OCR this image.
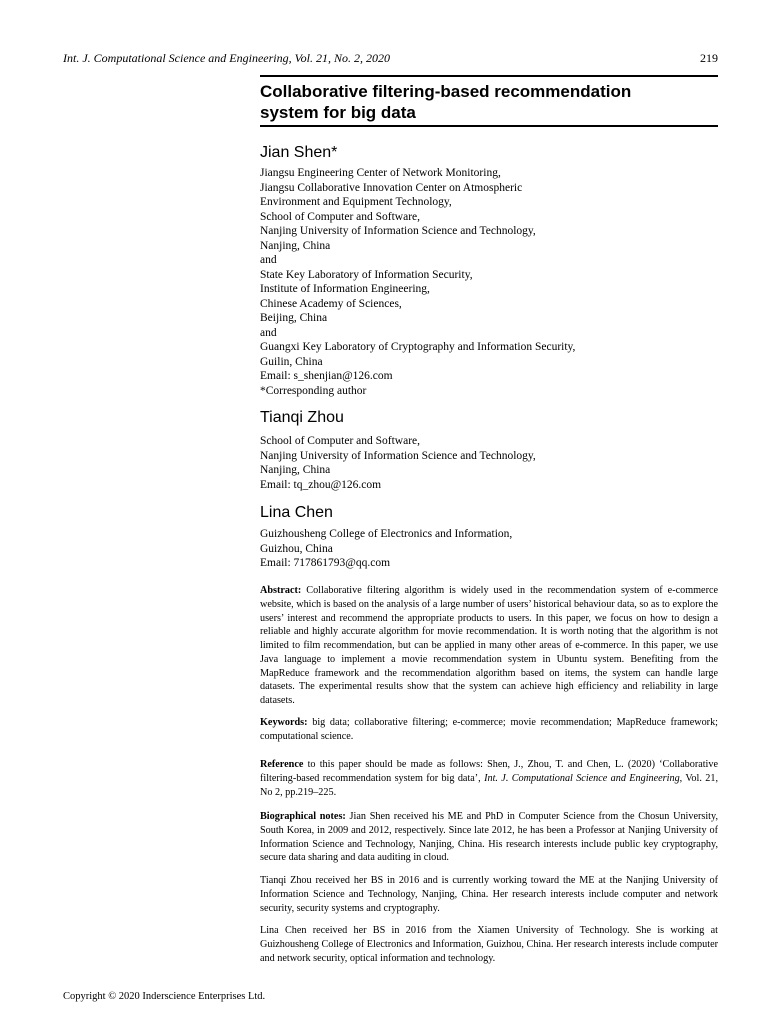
Int. J. Computational Science and Engineering, Vol. 21, No. 2, 2020	219
Collaborative filtering-based recommendation
system for big data
Jian Shen*
Jiangsu Engineering Center of Network Monitoring,
Jiangsu Collaborative Innovation Center on Atmospheric
Environment and Equipment Technology,
School of Computer and Software,
Nanjing University of Information Science and Technology,
Nanjing, China
and
State Key Laboratory of Information Security,
Institute of Information Engineering,
Chinese Academy of Sciences,
Beijing, China
and
Guangxi Key Laboratory of Cryptography and Information Security,
Guilin, China
Email: s_shenjian@126.com
*Corresponding author
Tianqi Zhou
School of Computer and Software,
Nanjing University of Information Science and Technology,
Nanjing, China
Email: tq_zhou@126.com
Lina Chen
Guizhousheng College of Electronics and Information,
Guizhou, China
Email: 717861793@qq.com
Abstract: Collaborative filtering algorithm is widely used in the recommendation system of e-commerce website, which is based on the analysis of a large number of users’ historical behaviour data, so as to explore the users’ interest and recommend the appropriate products to users. In this paper, we focus on how to design a reliable and highly accurate algorithm for movie recommendation. It is worth noting that the algorithm is not limited to film recommendation, but can be applied in many other areas of e-commerce. In this paper, we use Java language to implement a movie recommendation system in Ubuntu system. Benefiting from the MapReduce framework and the recommendation algorithm based on items, the system can handle large datasets. The experimental results show that the system can achieve high efficiency and reliability in large datasets.
Keywords: big data; collaborative filtering; e-commerce; movie recommendation; MapReduce framework; computational science.
Reference to this paper should be made as follows: Shen, J., Zhou, T. and Chen, L. (2020) ‘Collaborative filtering-based recommendation system for big data’, Int. J. Computational Science and Engineering, Vol. 21, No 2, pp.219–225.
Biographical notes: Jian Shen received his ME and PhD in Computer Science from the Chosun University, South Korea, in 2009 and 2012, respectively. Since late 2012, he has been a Professor at Nanjing University of Information Science and Technology, Nanjing, China. His research interests include public key cryptography, secure data sharing and data auditing in cloud.
Tianqi Zhou received her BS in 2016 and is currently working toward the ME at the Nanjing University of Information Science and Technology, Nanjing, China. Her research interests include computer and network security, security systems and cryptography.
Lina Chen received her BS in 2016 from the Xiamen University of Technology. She is working at Guizhousheng College of Electronics and Information, Guizhou, China. Her research interests include computer and network security, optical information and technology.
Copyright © 2020 Inderscience Enterprises Ltd.
